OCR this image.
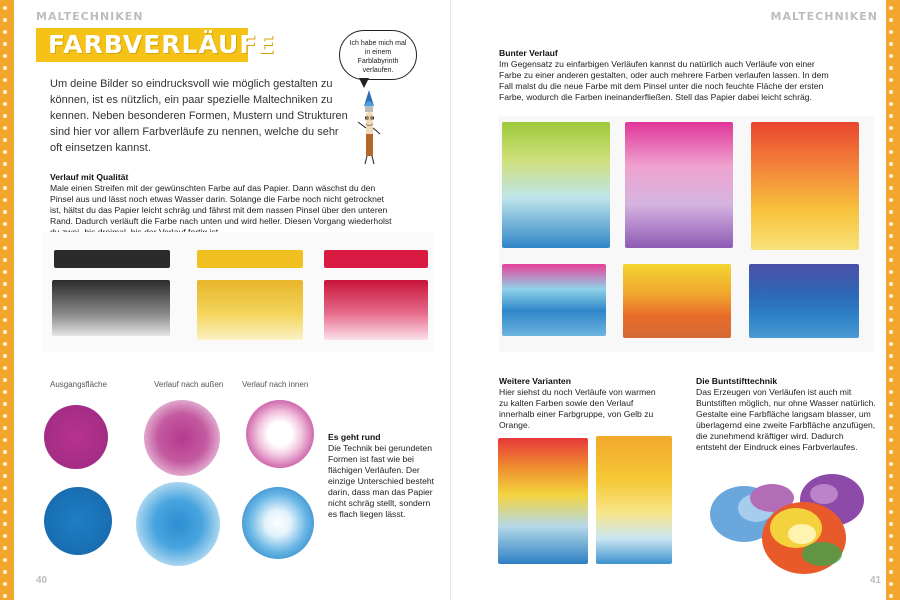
MALTECHNIKEN
FARBVERLÄUFE
Um deine Bilder so eindrucksvoll wie möglich gestalten zu können, ist es nützlich, ein paar spezielle Maltechniken zu kennen. Neben besonderen Formen, Mustern und Strukturen sind hier vor allem Farbverläufe zu nennen, welche du sehr oft einsetzen kannst.
Ich habe mich mal in einem Farblabyrinth verlaufen.
Verlauf mit Qualität
Male einen Streifen mit der gewünschten Farbe auf das Papier. Dann wäschst du den Pinsel aus und lässt noch etwas Wasser darin. Solange die Farbe noch nicht getrocknet ist, hältst du das Papier leicht schräg und fährst mit dem nassen Pinsel über den unteren Rand. Dadurch verläuft die Farbe nach unten und wird heller. Diesen Vorgang wiederholst
Ausgangsfläche	Verlauf nach außen Verlauf nach innen
Es geht rund
Die Technik bei gerundeten Formen ist fast wie bei flächigen Verläufen. Der einzige Unterschied besteht darin, dass man das Papier nicht schräg stellt, sondern es flach liegen lässt.
40
MALTECHNIKEN
Bunter Verlauf
Im Gegensatz zu einfarbigen Verläufen kannst du natürlich auch Verläufe von einer Farbe zu einer anderen gestalten, oder auch mehrere Farben verlaufen lassen. In dem Fall malst du die neue Farbe mit dem Pinsel unter die noch feuchte Fläche der ersten Farbe, wodurch die Farben ineinanderfließen. Stell das Papier dabei leicht schräg.
Weitere Varianten
Hier siehst du noch Verläufe von warmen zu kalten Farben sowie den Verlauf innerhalb einer Farbgruppe, von Gelb zu Orange.
Die Buntstifttechnik
Das Erzeugen von Verläufen ist auch mit Buntstiften möglich, nur ohne Wasser natürlich. Gestalte eine Farbfläche langsam blasser, um überlagernd eine zweite Farbfläche anzufügen, die zunehmend kräftiger wird. Dadurch entsteht der Eindruck eines Farbverlaufes.
41
